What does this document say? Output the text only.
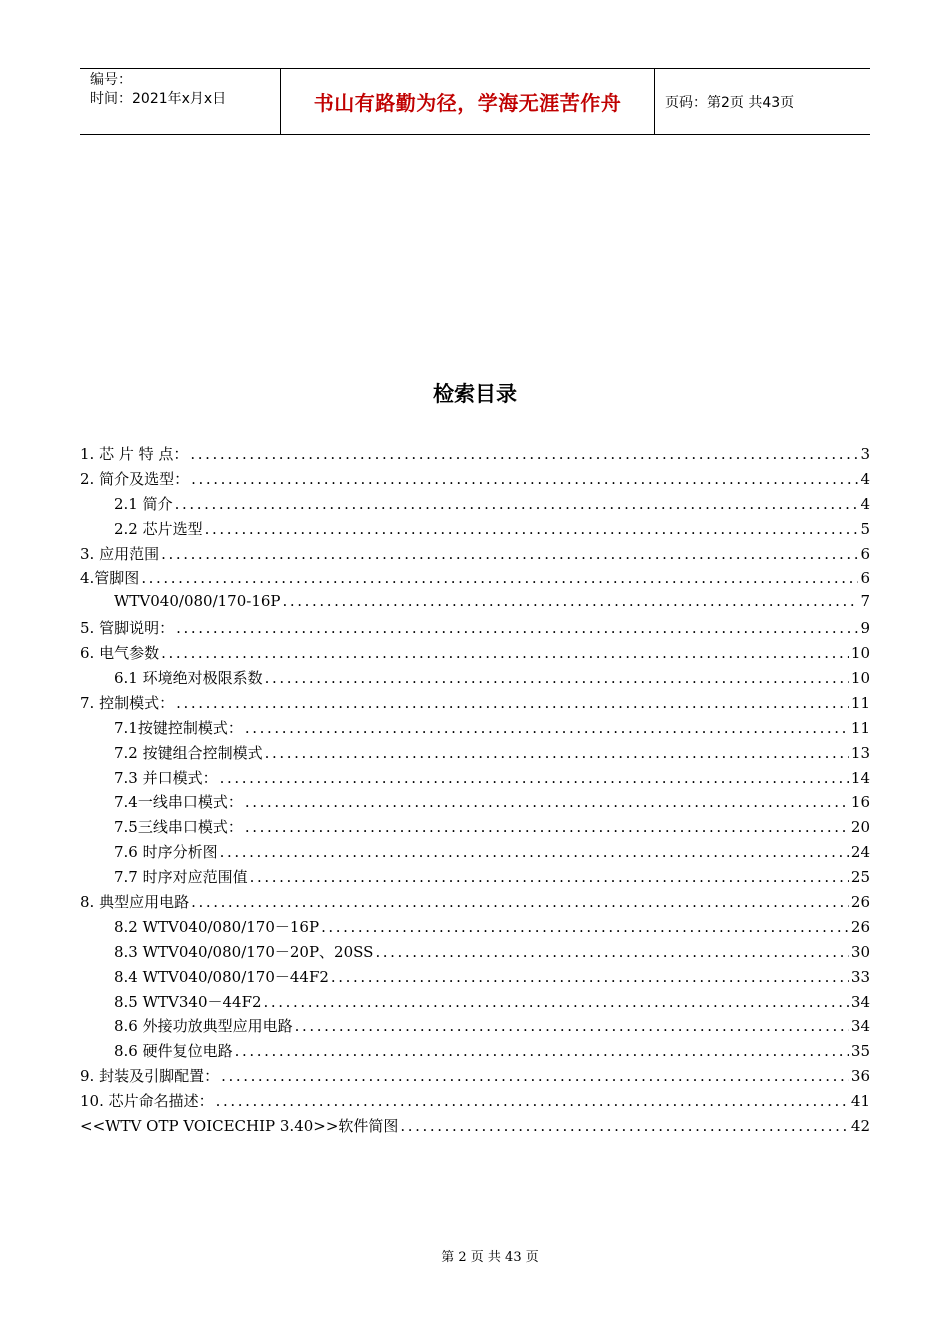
编号：
时间：2021年x月x日	书山有路勤为径，学海无涯苦作舟	页码：第2页 共43页
检索目录
1. 芯 片 特 点： .....	3
2. 简介及选型： .....	4
2.1 简介 .....	4
2.2 芯片选型 .....	5
3. 应用范围 .....	6
4.管脚图 .....	6
WTV040/080/170-16P .....	7
5. 管脚说明： .....	9
6. 电气参数 .....	10
6.1 环境绝对极限系数 .....	10
7. 控制模式： .....	11
7.1按键控制模式： .....	11
7.2 按键组合控制模式 .....	13
7.3 并口模式： .....	14
7.4一线串口模式： .....	16
7.5三线串口模式： .....	20
7.6 时序分析图 .....	24
7.7 时序对应范围值 .....	25
8. 典型应用电路 .....	26
8.2 WTV040/080/170－16P .....	26
8.3 WTV040/080/170－20P、20SS .....	30
8.4 WTV040/080/170－44F2 .....	33
8.5 WTV340－44F2 .....	34
8.6 外接功放典型应用电路 .....	34
8.6 硬件复位电路 .....	35
9. 封装及引脚配置： .....	36
10. 芯片命名描述： .....	41
<<WTV OTP VOICECHIP 3.40>>软件简图 .....	42
第 2 页 共 43 页
